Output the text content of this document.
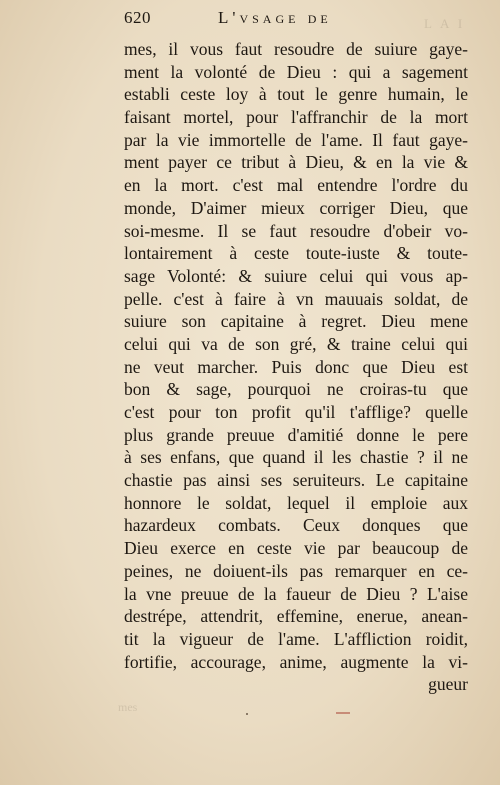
L A I
mes
620	L'vsage de
mes, il vous faut resoudre de suiure gaye-
ment la volonté de Dieu : qui a sagement
establi ceste loy à tout le genre humain, le
faisant mortel, pour l'affranchir de la mort
par la vie immortelle de l'ame. Il faut gaye-
ment payer ce tribut à Dieu, & en la vie &
en la mort. c'est mal entendre l'ordre du
monde, D'aimer mieux corriger Dieu, que
soi-mesme. Il se faut resoudre d'obeir vo-
lontairement à ceste toute-iuste & toute-
sage Volonté: & suiure celui qui vous ap-
pelle. c'est à faire à vn mauuais soldat, de
suiure son capitaine à regret. Dieu mene
celui qui va de son gré, & traine celui qui
ne veut marcher. Puis donc que Dieu est
bon & sage, pourquoi ne croiras-tu que
c'est pour ton profit qu'il t'afflige? quelle
plus grande preuue d'amitié donne le pere
à ses enfans, que quand il les chastie ? il ne
chastie pas ainsi ses seruiteurs. Le capitaine
honnore le soldat, lequel il emploie aux
hazardeux combats. Ceux donques que
Dieu exerce en ceste vie par beaucoup de
peines, ne doiuent-ils pas remarquer en ce-
la vne preuue de la faueur de Dieu ? L'aise
destrépe, attendrit, effemine, enerue, anean-
tit la vigueur de l'ame. L'affliction roidit,
fortifie, accourage, anime, augmente la vi-
gueur
